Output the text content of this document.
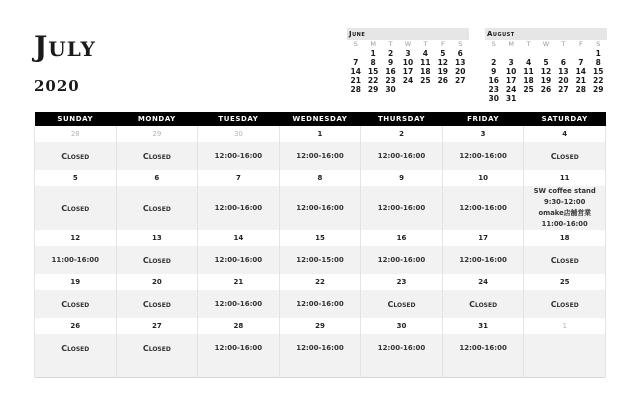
July
2020
June
S	M	T	W	T	F	S
	1	2	3	4	5	6
7	8	9	10	11	12	13
14	15	16	17	18	19	20
21	22	23	24	25	26	27
28	29	30				

August
S	M	T	W	T	F	S
						1
2	3	4	5	6	7	8
9	10	11	12	13	14	15
16	17	18	19	20	21	22
23	24	25	26	27	28	29
30	31					
SUNDAY	MONDAY	TUESDAY	WEDNESDAY	THURSDAY	FRIDAY	SATURDAY
28	29	30	1	2	3	4

Closed	Closed	12:00-16:00	12:00-16:00	12:00-16:00	12:00-16:00	Closed

5	6	7	8	9	10	11

Closed	Closed	12:00-16:00	12:00-16:00	12:00-16:00	12:00-16:00	SW coffee stand
9:30-12:00
omake店舗営業
11:00-16:00

12	13	14	15	16	17	18

11:00-16:00	Closed	12:00-16:00	12:00-15:00	12:00-16:00	12:00-16:00	Closed

19	20	21	22	23	24	25

Closed	Closed	12:00-16:00	12:00-16:00	Closed	Closed	Closed

26	27	28	29	30	31	1

Closed	Closed	12:00-16:00	12:00-16:00	12:00-16:00	12:00-16:00	
